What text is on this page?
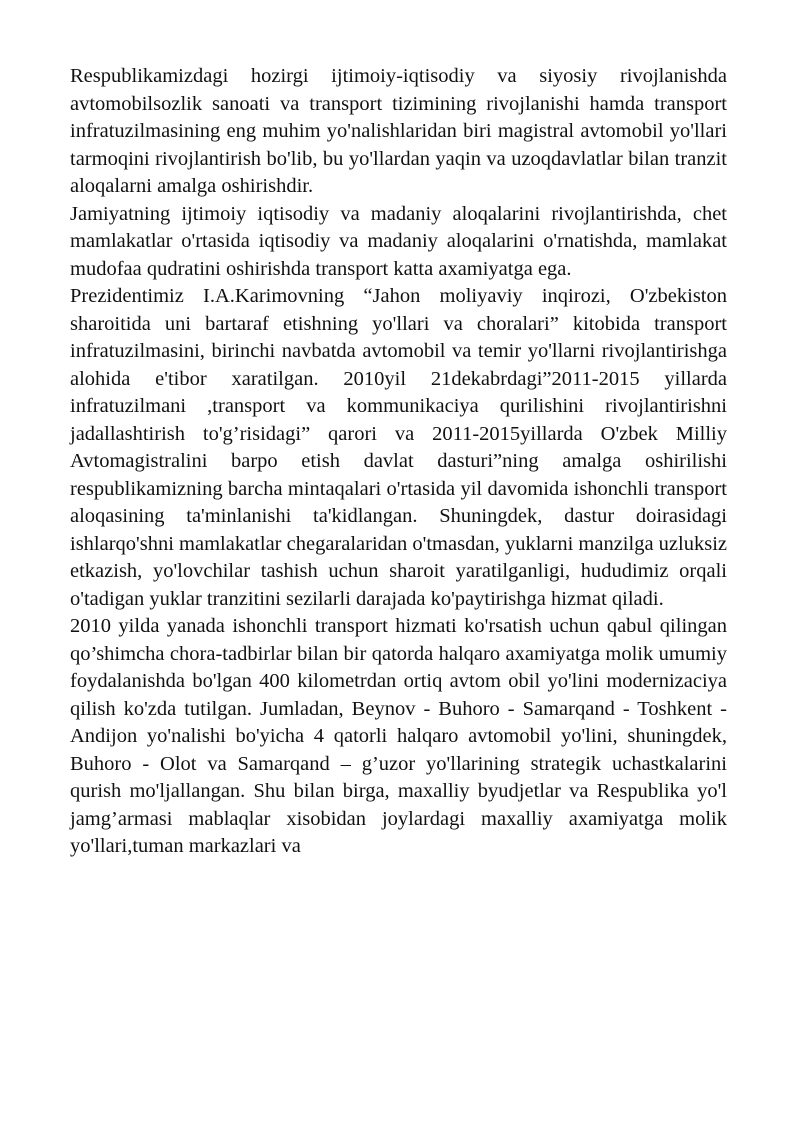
Respublikamizdagi hozirgi ijtimoiy-iqtisodiy va siyosiy rivojlanishda avtomobilsozlik sanoati va transport tizimining rivojlanishi hamda transport infratuzilmasining eng muhim yo'nalishlaridan biri magistral avtomobil yo'llari tarmoqini rivojlantirish bo'lib, bu yo'llardan yaqin va uzoqdavlatlar bilan tranzit aloqalarni amalga oshirishdir.

Jamiyatning ijtimoiy iqtisodiy va madaniy aloqalarini rivojlantirishda, chet mamlakatlar o'rtasida iqtisodiy va madaniy aloqalarini o'rnatishda, mamlakat mudofaa qudratini oshirishda transport katta axamiyatga ega.

Prezidentimiz I.A.Karimovning “Jahon moliyaviy inqirozi, O'zbekiston sharoitida uni bartaraf etishning yo'llari va choralari” kitobida transport infratuzilmasini, birinchi navbatda avtomobil va temir yo'llarni rivojlantirishga alohida e'tibor xaratilgan. 2010yil 21dekabrdagi”2011-2015 yillarda infratuzilmani ,transport va kommunikaciya qurilishini rivojlantirishni jadallashtirish to'g’risidagi” qarori va 2011-2015yillarda O'zbek Milliy Avtomagistralini barpo etish davlat dasturi”ning amalga oshirilishi respublikamizning barcha mintaqalari o'rtasida yil davomida ishonchli transport aloqasining ta'minlanishi ta'kidlangan. Shuningdek, dastur doirasidagi ishlarqo'shni mamlakatlar chegaralaridan o'tmasdan, yuklarni manzilga uzluksiz etkazish, yo'lovchilar tashish uchun sharoit yaratilganligi, hududimiz orqali o'tadigan yuklar tranzitini sezilarli darajada ko'paytirishga hizmat qiladi.

2010 yilda yanada ishonchli transport hizmati ko'rsatish uchun qabul qilingan qo’shimcha chora-tadbirlar bilan bir qatorda halqaro axamiyatga molik umumiy foydalanishda bo'lgan 400 kilometrdan ortiq avtom obil yo'lini modernizaciya qilish ko'zda tutilgan. Jumladan, Beynov - Buhoro - Samarqand - Toshkent - Andijon yo'nalishi bo'yicha 4 qatorli halqaro avtomobil yo'lini, shuningdek, Buhoro - Olot va Samarqand – g’uzor yo'llarining strategik uchastkalarini qurish mo'ljallangan. Shu bilan birga, maxalliy byudjetlar va Respublika yo'l jamg’armasi mablaqlar xisobidan joylardagi maxalliy axamiyatga molik yo'llari,tuman markazlari va
